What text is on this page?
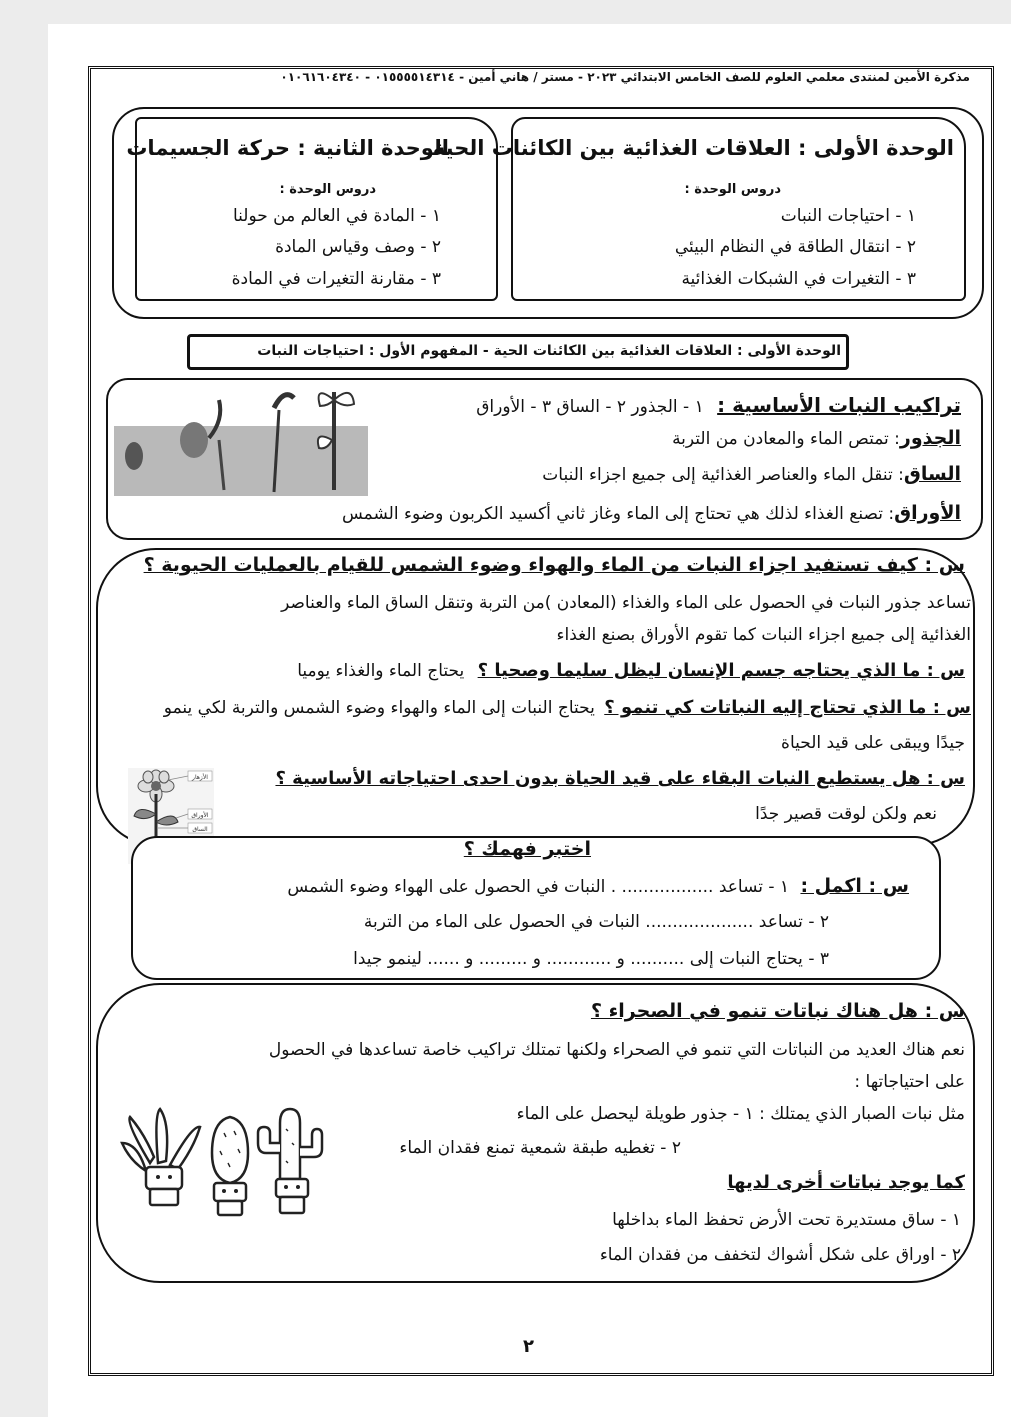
مذكرة الأمين لمنتدى معلمي العلوم للصف الخامس الابتدائي ٢٠٢٣ - مستر / هاني أمين - ٠١٥٥٥٥١٤٣١٤ - ٠١٠٦١٦٠٤٣٤٠
الوحدة الأولى : العلاقات الغذائية بين الكائنات الحية
دروس الوحدة :
١ - احتياجات النبات
٢ - انتقال الطاقة في النظام البيئي
٣ - التغيرات في الشبكات الغذائية
الوحدة الثانية : حركة الجسيمات
دروس الوحدة :
١ - المادة في العالم من حولنا
٢ - وصف وقياس المادة
٣ - مقارنة التغيرات في المادة
الوحدة الأولى : العلاقات الغذائية بين الكائنات الحية - المفهوم الأول : احتياجات النبات
تراكيب النبات الأساسية : ١ - الجذور ٢ - الساق ٣ - الأوراق
الجذور: تمتص الماء والمعادن من التربة
الساق: تنقل الماء والعناصر الغذائية إلى جميع اجزاء النبات
الأوراق: تصنع الغذاء لذلك هي تحتاج إلى الماء وغاز ثاني أكسيد الكربون وضوء الشمس
س : كيف تستفيد اجزاء النبات من الماء والهواء وضوء الشمس للقيام بالعمليات الحيوية ؟
تساعد جذور النبات في الحصول على الماء والغذاء (المعادن )من التربة وتنقل الساق الماء والعناصر
الغذائية إلى جميع اجزاء النبات كما تقوم الأوراق بصنع الغذاء
س : ما الذي يحتاجه جسم الإنسان ليظل سليما وصحيا ؟ يحتاج الماء والغذاء يوميا
س : ما الذي تحتاج إليه النباتات كي تنمو ؟ يحتاج النبات إلى الماء والهواء وضوء الشمس والتربة لكي ينمو
جيدًا ويبقى على قيد الحياة
س : هل يستطيع النبات البقاء على قيد الحياة بدون احدى احتياجاته الأساسية ؟
نعم ولكن لوقت قصير جدًا
الأزهار
الأوراق
الساق
اختبر فهمك ؟
س : اكمل : ١ - تساعد ................. . النبات في الحصول على الهواء وضوء الشمس
٢ - تساعد .................... النبات في الحصول على الماء من التربة
٣ - يحتاج النبات إلى .......... و ............ و ......... و ...... لينمو جيدا
س : هل هناك نباتات تنمو في الصحراء ؟
نعم هناك العديد من النباتات التي تنمو في الصحراء ولكنها تمتلك تراكيب خاصة تساعدها في الحصول
على احتياجاتها :
مثل نبات الصبار الذي يمتلك : ١ - جذور طويلة ليحصل على الماء
٢ - تغطيه طبقة شمعية تمنع فقدان الماء
كما يوجد نباتات أخرى لديها
١ - ساق مستديرة تحت الأرض تحفظ الماء بداخلها
٢ - اوراق على شكل أشواك لتخفف من فقدان الماء
٢
